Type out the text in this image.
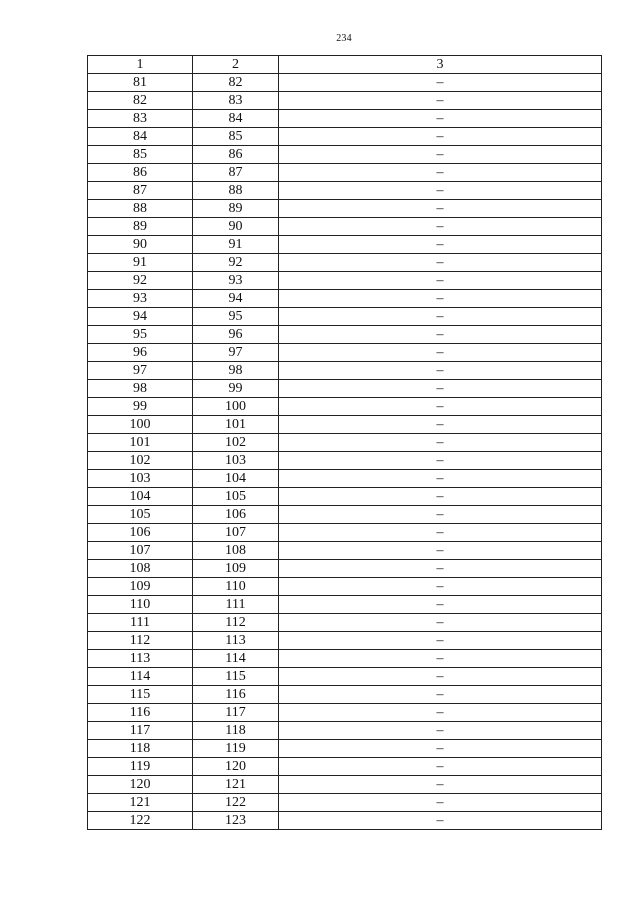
234
1	2	3
81	82	–
82	83	–
83	84	–
84	85	–
85	86	–
86	87	–
87	88	–
88	89	–
89	90	–
90	91	–
91	92	–
92	93	–
93	94	–
94	95	–
95	96	–
96	97	–
97	98	–
98	99	–
99	100	–
100	101	–
101	102	–
102	103	–
103	104	–
104	105	–
105	106	–
106	107	–
107	108	–
108	109	–
109	110	–
110	111	–
111	112	–
112	113	–
113	114	–
114	115	–
115	116	–
116	117	–
117	118	–
118	119	–
119	120	–
120	121	–
121	122	–
122	123	–
